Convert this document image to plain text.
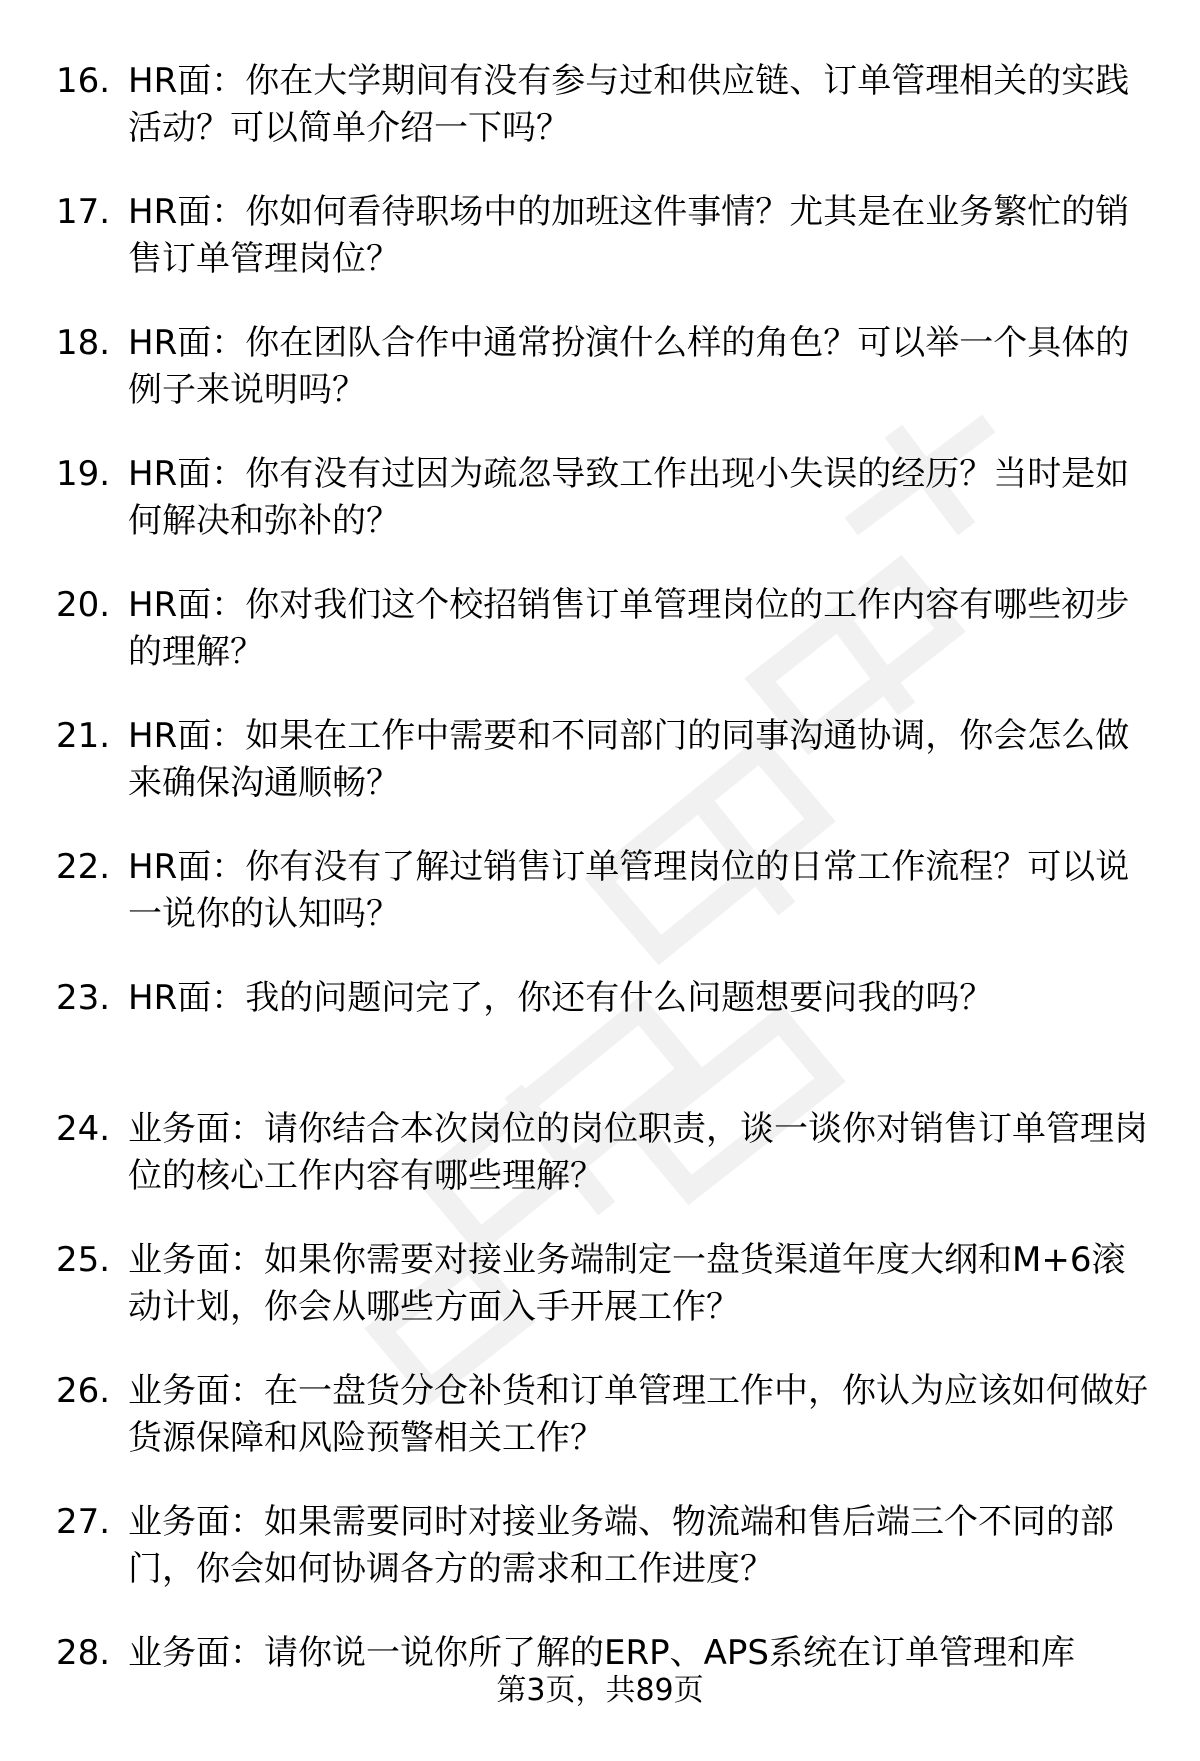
16. HR面：你在大学期间有没有参与过和供应链、订单管理相关的实践活动？可以简单介绍一下吗？
17. HR面：你如何看待职场中的加班这件事情？尤其是在业务繁忙的销售订单管理岗位？
18. HR面：你在团队合作中通常扮演什么样的角色？可以举一个具体的例子来说明吗？
19. HR面：你有没有过因为疏忽导致工作出现小失误的经历？当时是如何解决和弥补的？
20. HR面：你对我们这个校招销售订单管理岗位的工作内容有哪些初步的理解？
21. HR面：如果在工作中需要和不同部门的同事沟通协调，你会怎么做来确保沟通顺畅？
22. HR面：你有没有了解过销售订单管理岗位的日常工作流程？可以说一说你的认知吗？
23. HR面：我的问题问完了，你还有什么问题想要问我的吗？
24. 业务面：请你结合本次岗位的岗位职责，谈一谈你对销售订单管理岗位的核心工作内容有哪些理解？
25. 业务面：如果你需要对接业务端制定一盘货渠道年度大纲和M+6滚动计划，你会从哪些方面入手开展工作？
26. 业务面：在一盘货分仓补货和订单管理工作中，你认为应该如何做好货源保障和风险预警相关工作？
27. 业务面：如果需要同时对接业务端、物流端和售后端三个不同的部门，你会如何协调各方的需求和工作进度？
28. 业务面：请你说一说你所了解的ERP、APS系统在订单管理和库
第3页，共89页
